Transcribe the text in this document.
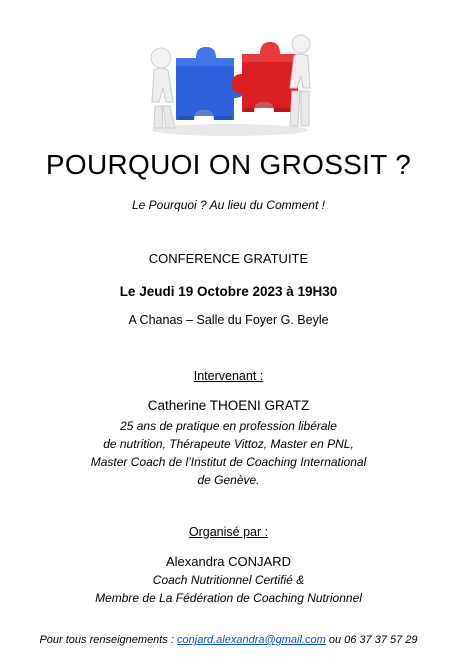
POURQUOI ON GROSSIT ?
Le Pourquoi ? Au lieu du Comment !
CONFERENCE GRATUITE
Le Jeudi 19 Octobre 2023 à 19H30
A Chanas – Salle du Foyer G. Beyle
Intervenant :
Catherine THOENI GRATZ
25 ans de pratique en profession libérale
de nutrition, Thérapeute Vittoz, Master en PNL,
Master Coach de l’Institut de Coaching International
de Genève.
Organisé par :
Alexandra CONJARD
Coach Nutritionnel Certifié &
Membre de La Fédération de Coaching Nutrionnel
Pour tous renseignements : conjard.alexandra@gmail.com ou 06 37 37 57 29
